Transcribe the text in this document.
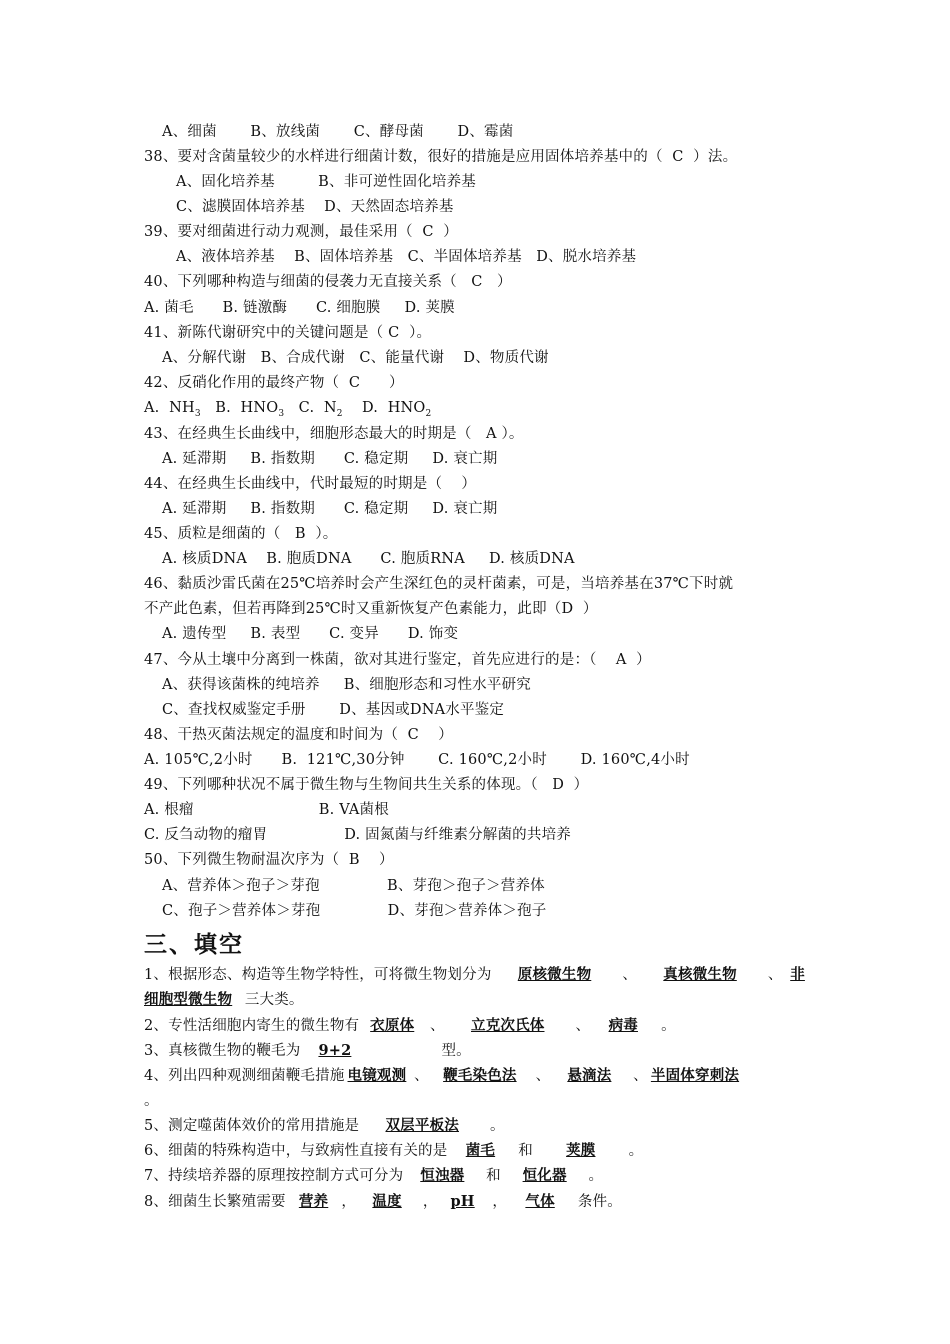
A、细菌       B、放线菌       C、酵母菌       D、霉菌
38、要对含菌量较少的水样进行细菌计数，很好的措施是应用固体培养基中的（  C  ）法。
A、固化培养基         B、非可逆性固化培养基
C、滤膜固体培养基    D、天然固态培养基
39、要对细菌进行动力观测，最佳采用（  C  ）
A、液体培养基    B、固体培养基   C、半固体培养基   D、脱水培养基
40、下列哪种构造与细菌的侵袭力无直接关系（   C   ）
A. 菌毛      B. 链激酶      C. 细胞膜     D. 荚膜
41、新陈代谢研究中的关键问题是（ C  ）。
A、分解代谢   B、合成代谢   C、能量代谢    D、物质代谢
42、反硝化作用的最终产物（  C      ）
A.  $NH_3$   B.  $HNO_3$   C.  $N_2$    D.  $HNO_2$
43、在经典生长曲线中，细胞形态最大的时期是（   A ）。
A. 延滞期     B. 指数期      C. 稳定期     D. 衰亡期
44、在经典生长曲线中，代时最短的时期是（    ）
A. 延滞期     B. 指数期      C. 稳定期     D. 衰亡期
45、质粒是细菌的（   B  ）。
A. 核质DNA    B. 胞质DNA      C. 胞质RNA     D. 核质DNA
46、黏质沙雷氏菌在25℃培养时会产生深红色的灵杆菌素，可是，当培养基在37℃下时就
不产此色素，但若再降到25℃时又重新恢复产色素能力，此即（D  ）
A. 遗传型     B. 表型      C. 变异      D. 饰变
47、今从土壤中分离到一株菌，欲对其进行鉴定，首先应进行的是：（    A  ）
A、获得该菌株的纯培养     B、细胞形态和习性水平研究
C、查找权威鉴定手册       D、基因或DNA水平鉴定
48、干热灭菌法规定的温度和时间为（  C    ）
A. 105℃,2小时      B.  121℃,30分钟       C. 160℃,2小时       D. 160℃,4小时
49、下列哪种状况不属于微生物与生物间共生关系的体现。（   D  ）
A. 根瘤                          B. VA菌根
C. 反刍动物的瘤胃                D. 固氮菌与纤维素分解菌的共培养
50、下列微生物耐温次序为（  B    ）
A、营养体＞孢子＞芽孢              B、芽孢＞孢子＞营养体
C、孢子＞营养体＞芽孢              D、芽孢＞营养体＞孢子
三、填空
1、根据形态、构造等生物学特性，可将微生物划分为 原核微生物 、 真核微生物 、 非
细胞型微生物  三大类。
2、专性活细胞内寄生的微生物有 衣原体 、 立克次氏体 、 病毒 。
3、真核微生物的鞭毛为 9+2	型。
4、列出四种观测细菌鞭毛措施 电镜观测 、 鞭毛染色法 、 悬滴法 、 半固体穿刺法
。
5、测定噬菌体效价的常用措施是 双层平板法 。
6、细菌的特殊构造中，与致病性直接有关的是 菌毛 和 荚膜 。
7、持续培养器的原理按控制方式可分为 恒浊器 和 恒化器 。
8、细菌生长繁殖需要 营养 ， 温度 ， pH ， 气体 条件。
